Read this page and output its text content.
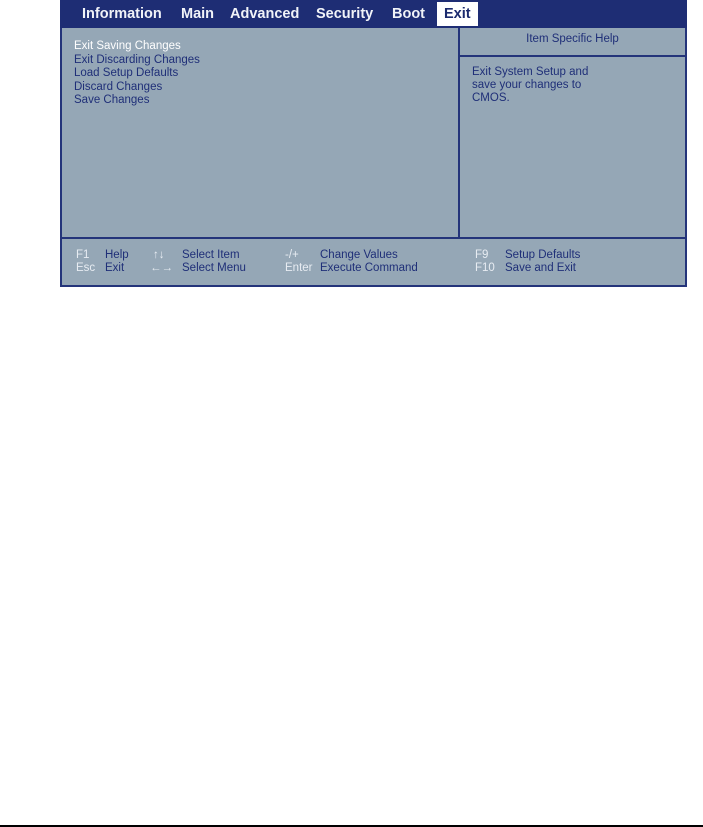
Information Main Advanced Security Boot	Exit
Exit Saving Changes
Exit Discarding Changes
Load Setup Defaults
Discard Changes
Save Changes
Item Specific Help
Exit System Setup and
save your changes to
CMOS.
F1 Help
Esc Exit
↑↓ Select Item
←→ Select Menu
-/+ Change Values
Enter Execute Command
F9 Setup Defaults
F10 Save and Exit
